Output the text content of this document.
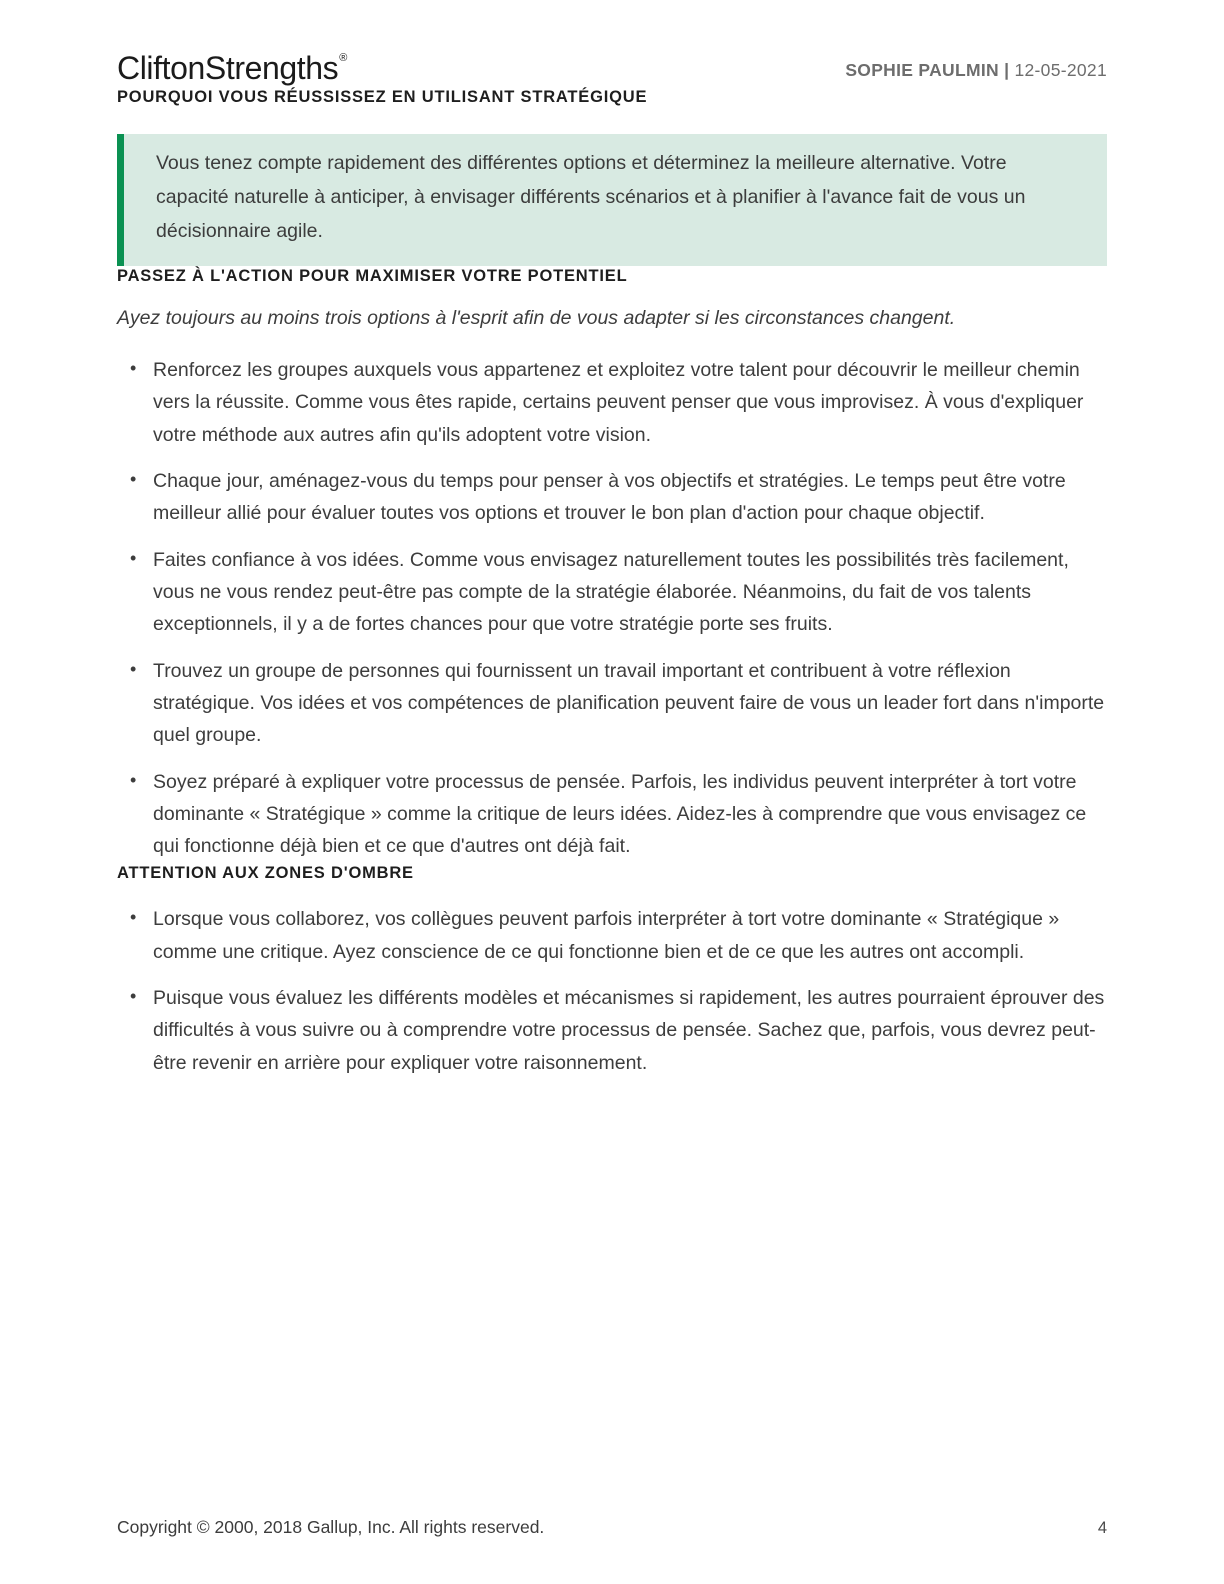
CliftonStrengths®
SOPHIE PAULMIN | 12-05-2021
POURQUOI VOUS RÉUSSISSEZ EN UTILISANT STRATÉGIQUE

Vous tenez compte rapidement des différentes options et déterminez la meilleure alternative. Votre capacité naturelle à anticiper, à envisager différents scénarios et à planifier à l'avance fait de vous un décisionnaire agile.

PASSEZ À L'ACTION POUR MAXIMISER VOTRE POTENTIEL

Ayez toujours au moins trois options à l'esprit afin de vous adapter si les circonstances changent.

• Renforcez les groupes auxquels vous appartenez et exploitez votre talent pour découvrir le meilleur chemin vers la réussite. Comme vous êtes rapide, certains peuvent penser que vous improvisez. À vous d'expliquer votre méthode aux autres afin qu'ils adoptent votre vision.
• Chaque jour, aménagez-vous du temps pour penser à vos objectifs et stratégies. Le temps peut être votre meilleur allié pour évaluer toutes vos options et trouver le bon plan d'action pour chaque objectif.
• Faites confiance à vos idées. Comme vous envisagez naturellement toutes les possibilités très facilement, vous ne vous rendez peut-être pas compte de la stratégie élaborée. Néanmoins, du fait de vos talents exceptionnels, il y a de fortes chances pour que votre stratégie porte ses fruits.
• Trouvez un groupe de personnes qui fournissent un travail important et contribuent à votre réflexion stratégique. Vos idées et vos compétences de planification peuvent faire de vous un leader fort dans n'importe quel groupe.
• Soyez préparé à expliquer votre processus de pensée. Parfois, les individus peuvent interpréter à tort votre dominante « Stratégique » comme la critique de leurs idées. Aidez-les à comprendre que vous envisagez ce qui fonctionne déjà bien et ce que d'autres ont déjà fait.
ATTENTION AUX ZONES D'OMBRE
• Lorsque vous collaborez, vos collègues peuvent parfois interpréter à tort votre dominante « Stratégique » comme une critique. Ayez conscience de ce qui fonctionne bien et de ce que les autres ont accompli.
• Puisque vous évaluez les différents modèles et mécanismes si rapidement, les autres pourraient éprouver des difficultés à vous suivre ou à comprendre votre processus de pensée. Sachez que, parfois, vous devrez peut-être revenir en arrière pour expliquer votre raisonnement.
Copyright © 2000, 2018 Gallup, Inc. All rights reserved.	4
